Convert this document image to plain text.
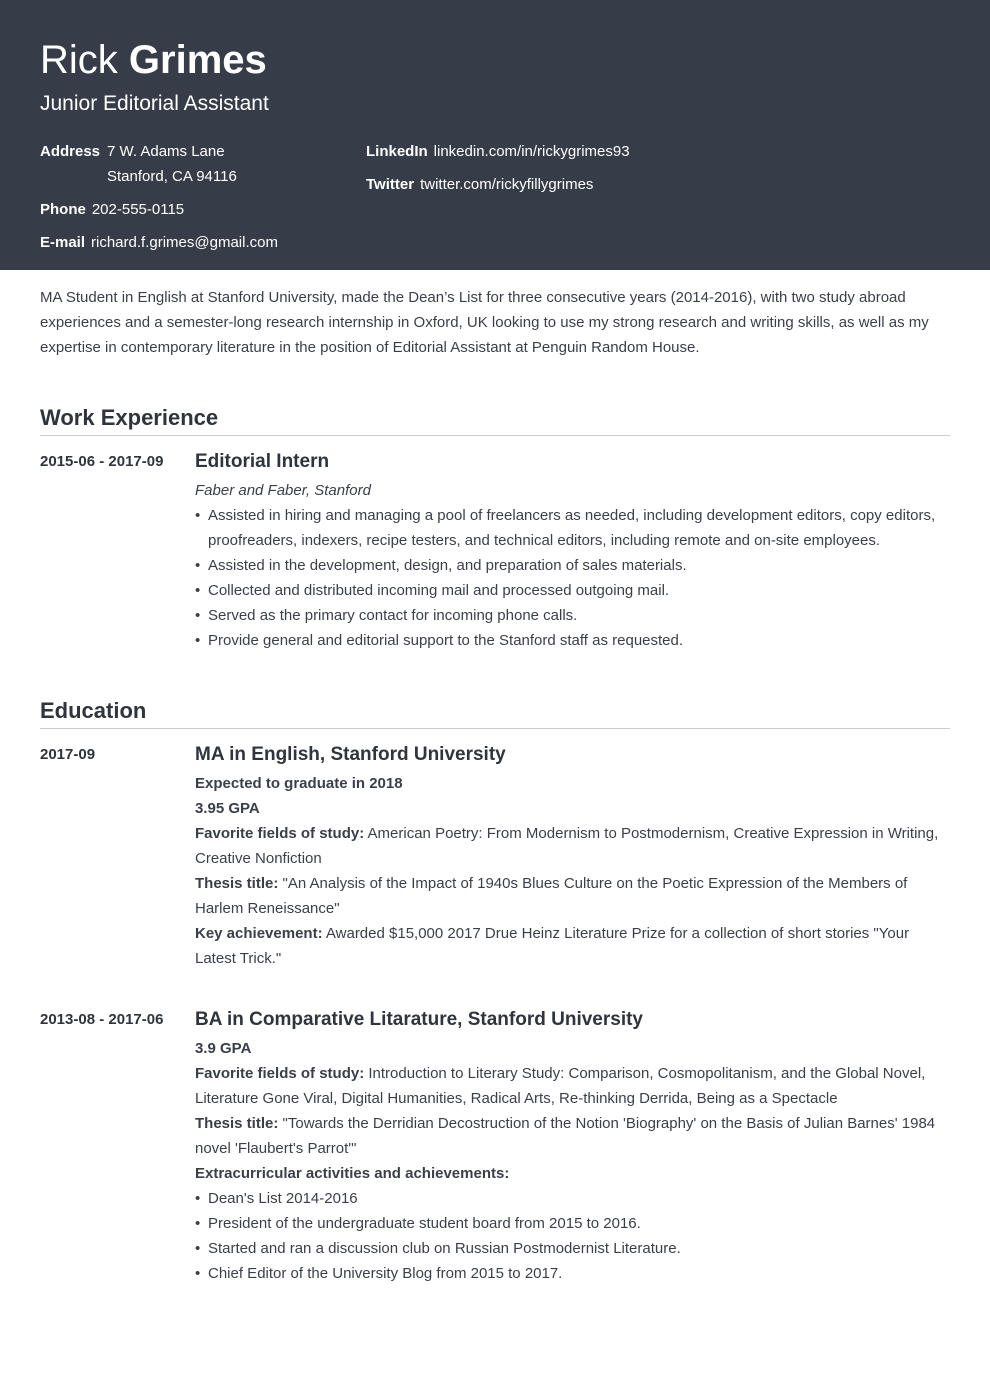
Rick Grimes
Junior Editorial Assistant
Address 7 W. Adams Lane
Stanford, CA 94116
Phone 202-555-0115
E-mail richard.f.grimes@gmail.com
LinkedIn linkedin.com/in/rickygrimes93
Twitter twitter.com/rickyfillygrimes
MA Student in English at Stanford University, made the Dean’s List for three consecutive years (2014-2016), with two study abroad experiences and a semester-long research internship in Oxford, UK looking to use my strong research and writing skills, as well as my expertise in contemporary literature in the position of Editorial Assistant at Penguin Random House.
Work Experience
2015-06 - 2017-09 Editorial Intern
Faber and Faber, Stanford
• Assisted in hiring and managing a pool of freelancers as needed, including development editors, copy editors, proofreaders, indexers, recipe testers, and technical editors, including remote and on-site employees.
• Assisted in the development, design, and preparation of sales materials.
• Collected and distributed incoming mail and processed outgoing mail.
• Served as the primary contact for incoming phone calls.
• Provide general and editorial support to the Stanford staff as requested.
Education
2017-09	MA in English, Stanford University
Expected to graduate in 2018
3.95 GPA
Favorite fields of study: American Poetry: From Modernism to Postmodernism, Creative Expression in Writing, Creative Nonfiction
Thesis title: "An Analysis of the Impact of 1940s Blues Culture on the Poetic Expression of the Members of Harlem Reneissance"
Key achievement: Awarded $15,000 2017 Drue Heinz Literature Prize for a collection of short stories "Your Latest Trick."
2013-08 - 2017-06 BA in Comparative Litarature, Stanford University
3.9 GPA
Favorite fields of study: Introduction to Literary Study: Comparison, Cosmopolitanism, and the Global Novel, Literature Gone Viral, Digital Humanities, Radical Arts, Re-thinking Derrida, Being as a Spectacle
Thesis title: "Towards the Derridian Decostruction of the Notion 'Biography' on the Basis of Julian Barnes' 1984 novel 'Flaubert's Parrot'"
Extracurricular activities and achievements:
• Dean's List 2014-2016
• President of the undergraduate student board from 2015 to 2016.
• Started and ran a discussion club on Russian Postmodernist Literature.
• Chief Editor of the University Blog from 2015 to 2017.
